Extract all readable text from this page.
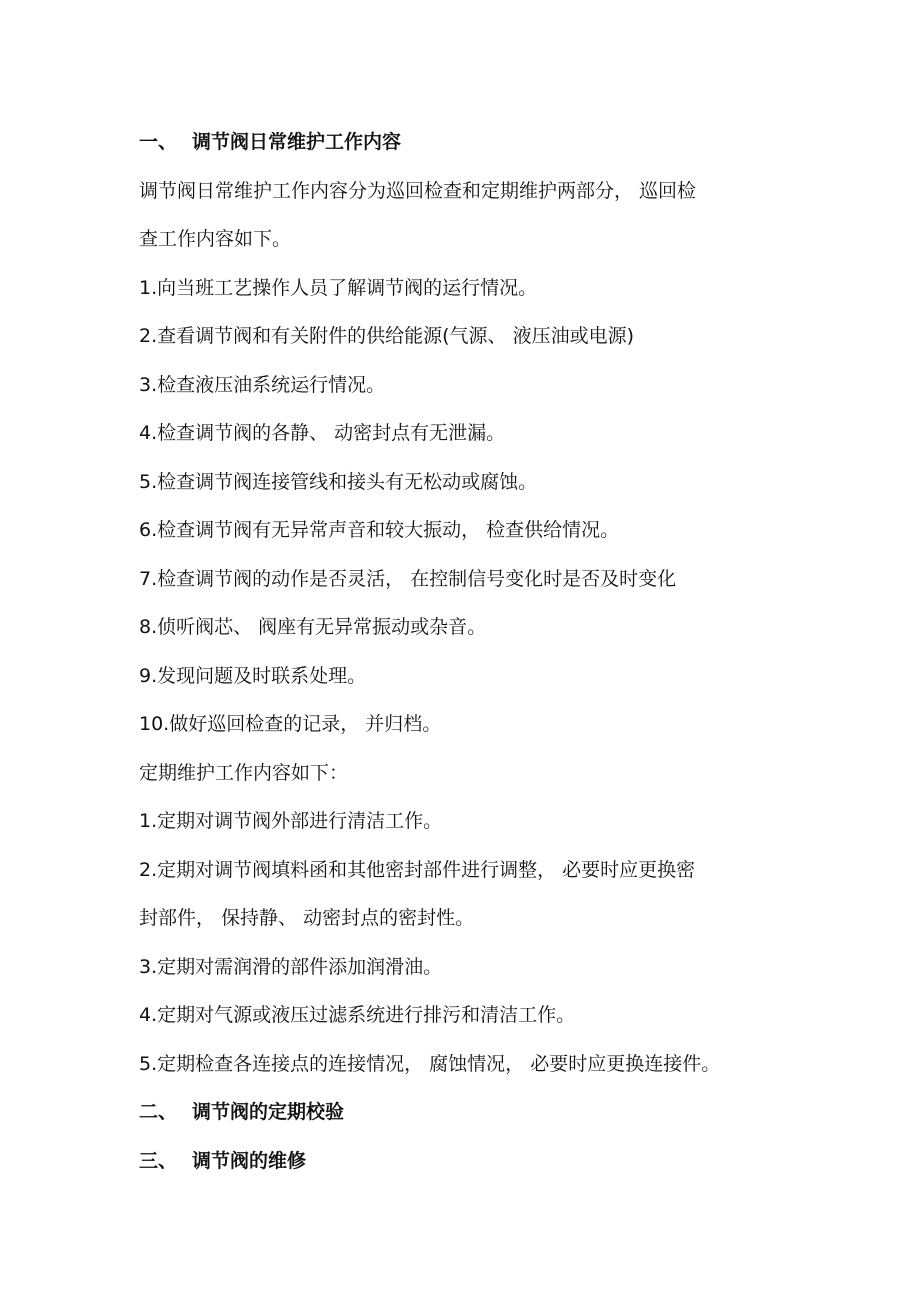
一、 调节阀日常维护工作内容
调节阀日常维护工作内容分为巡回检查和定期维护两部分， 巡回检
查工作内容如下。
1.向当班工艺操作人员了解调节阀的运行情况。
2.查看调节阀和有关附件的供给能源(气源、 液压油或电源)
3.检查液压油系统运行情况。
4.检查调节阀的各静、 动密封点有无泄漏。
5.检查调节阀连接管线和接头有无松动或腐蚀。
6.检查调节阀有无异常声音和较大振动， 检查供给情况。
7.检查调节阀的动作是否灵活， 在控制信号变化时是否及时变化
8.侦听阀芯、 阀座有无异常振动或杂音。
9.发现问题及时联系处理。
10.做好巡回检查的记录， 并归档。
定期维护工作内容如下：
1.定期对调节阀外部进行清洁工作。
2.定期对调节阀填料函和其他密封部件进行调整， 必要时应更换密
封部件， 保持静、 动密封点的密封性。
3.定期对需润滑的部件添加润滑油。
4.定期对气源或液压过滤系统进行排污和清洁工作。
5.定期检查各连接点的连接情况， 腐蚀情况， 必要时应更换连接件。
二、 调节阀的定期校验
三、 调节阀的维修
